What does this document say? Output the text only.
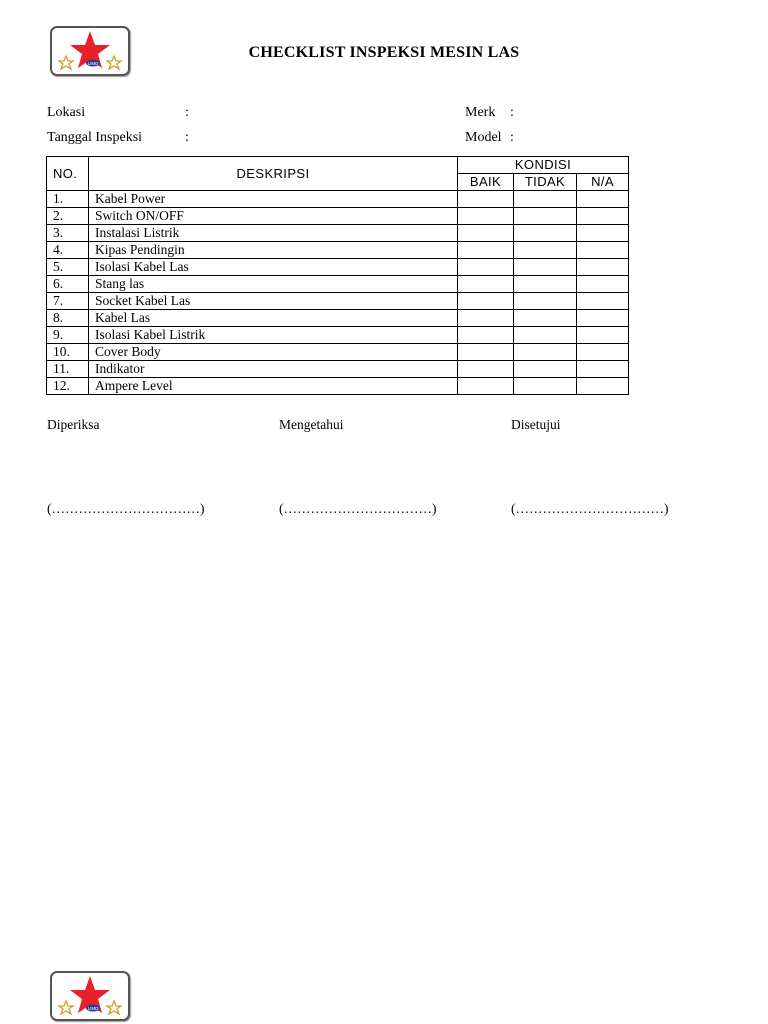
LIMD
CHECKLIST INSPEKSI MESIN LAS
Lokasi	:
Tanggal Inspeksi	:
Merk :
Model :
NO.	DESKRIPSI	KONDISI		
		BAIK	TIDAK	N/A
1.	Kabel Power			
2.	Switch ON/OFF			
3.	Instalasi Listrik			
4.	Kipas Pendingin			
5.	Isolasi Kabel Las			
6.	Stang las			
7.	Socket Kabel Las			
8.	Kabel Las			
9.	Isolasi Kabel Listrik			
10.	Cover Body			
11.	Indikator			
12.	Ampere Level			
Diperiksa	Mengetahui	Disetujui
(……………………………)	(……………………………)	(……………………………)
LIMD
